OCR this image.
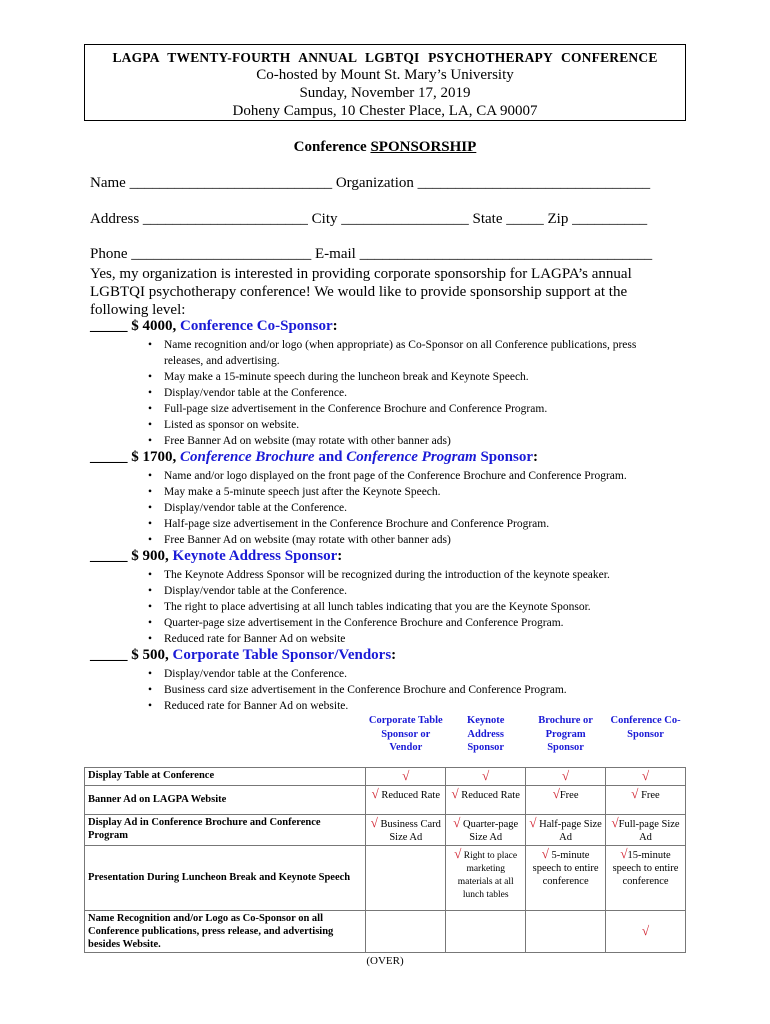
LAGPA TWENTY-FOURTH ANNUAL LGBTQI PSYCHOTHERAPY CONFERENCE
Co-hosted by Mount St. Mary’s University
Sunday, November 17, 2019
Doheny Campus, 10 Chester Place, LA, CA 90007
Conference SPONSORSHIP
Name ___________________________ Organization _______________________________
Address ______________________ City _________________ State _____ Zip __________
Phone ________________________ E-mail _______________________________________
Yes, my organization is interested in providing corporate sponsorship for LAGPA’s annual LGBTQI psychotherapy conference! We would like to provide sponsorship support at the following level:
_____ $ 4000, Conference Co-Sponsor:
• Name recognition and/or logo (when appropriate) as Co-Sponsor on all Conference publications, press releases, and advertising.
• May make a 15-minute speech during the luncheon break and Keynote Speech.
• Display/vendor table at the Conference.
• Full-page size advertisement in the Conference Brochure and Conference Program.
• Listed as sponsor on website.
• Free Banner Ad on website (may rotate with other banner ads)
_____ $ 1700, Conference Brochure and Conference Program Sponsor:
• Name and/or logo displayed on the front page of the Conference Brochure and Conference Program.
• May make a 5-minute speech just after the Keynote Speech.
• Display/vendor table at the Conference.
• Half-page size advertisement in the Conference Brochure and Conference Program.
• Free Banner Ad on website (may rotate with other banner ads)
_____ $ 900, Keynote Address Sponsor:
• The Keynote Address Sponsor will be recognized during the introduction of the keynote speaker.
• Display/vendor table at the Conference.
• The right to place advertising at all lunch tables indicating that you are the Keynote Sponsor.
• Quarter-page size advertisement in the Conference Brochure and Conference Program.
• Reduced rate for Banner Ad on website
_____ $ 500, Corporate Table Sponsor/Vendors:
• Display/vendor table at the Conference.
• Business card size advertisement in the Conference Brochure and Conference Program.
• Reduced rate for Banner Ad on website.
	Corporate Table Sponsor or Vendor	Keynote Address Sponsor	Brochure or Program Sponsor	Conference Co-Sponsor
Display Table at Conference	√	√	√	√
Banner Ad on LAGPA Website	√ Reduced Rate	√ Reduced Rate	√Free	√ Free
Display Ad in Conference Brochure and Conference Program	√ Business Card Size Ad	√ Quarter-page Size Ad	√ Half-page Size Ad	√Full-page Size Ad
Presentation During Luncheon Break and Keynote Speech		√ Right to place marketing materials at all lunch tables	√ 5-minute speech to entire conference	√15-minute speech to entire conference
Name Recognition and/or Logo as Co-Sponsor on all Conference publications, press release, and advertising besides Website.				√
(OVER)
